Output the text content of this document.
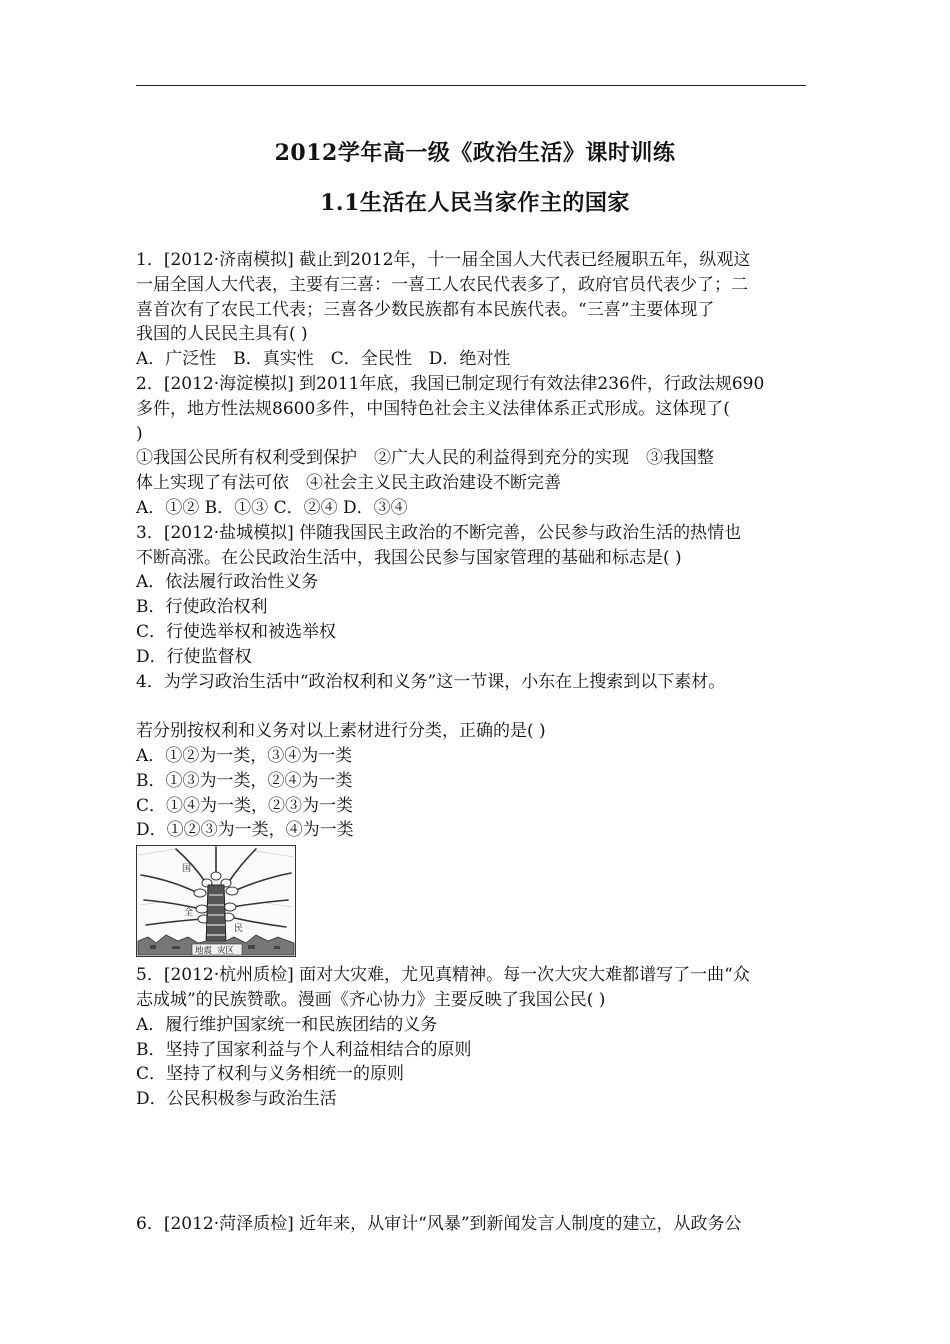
2012学年高一级《政治生活》课时训练
1.1生活在人民当家作主的国家

1．[2012·济南模拟] 截止到2012年，十一届全国人大代表已经履职五年，纵观这

一届全国人大代表，主要有三喜：一喜工人农民代表多了，政府官员代表少了；二

喜首次有了农民工代表；三喜各少数民族都有本民族代表。“三喜”主要体现了

我国的人民民主具有( )

A．广泛性　B．真实性　C．全民性　D．绝对性

2．[2012·海淀模拟] 到2011年底，我国已制定现行有效法律236件，行政法规690

多件，地方性法规8600多件，中国特色社会主义法律体系正式形成。这体现了(

)

①我国公民所有权利受到保护　②广大人民的利益得到充分的实现　③我国整

体上实现了有法可依　④社会主义民主政治建设不断完善

A．①② B．①③ C．②④ D．③④

3．[2012·盐城模拟] 伴随我国民主政治的不断完善，公民参与政治生活的热情也

不断高涨。在公民政治生活中，我国公民参与国家管理的基础和标志是( )

A．依法履行政治性义务

B．行使政治权利

C．行使选举权和被选举权

D．行使监督权

4．为学习政治生活中“政治权利和义务”这一节课，小东在上搜索到以下素材。

若分别按权利和义务对以上素材进行分类，正确的是( )

A．①②为一类，③④为一类

B．①③为一类，②④为一类

C．①④为一类，②③为一类

D．①②③为一类，④为一类

国
全
民
地震 灾区

5．[2012·杭州质检] 面对大灾难，尤见真精神。每一次大灾大难都谱写了一曲“众

志成城”的民族赞歌。漫画《齐心协力》主要反映了我国公民( )

A．履行维护国家统一和民族团结的义务

B．坚持了国家利益与个人利益相结合的原则

C．坚持了权利与义务相统一的原则

D．公民积极参与政治生活

6．[2012·菏泽质检] 近年来，从审计“风暴”到新闻发言人制度的建立，从政务公
